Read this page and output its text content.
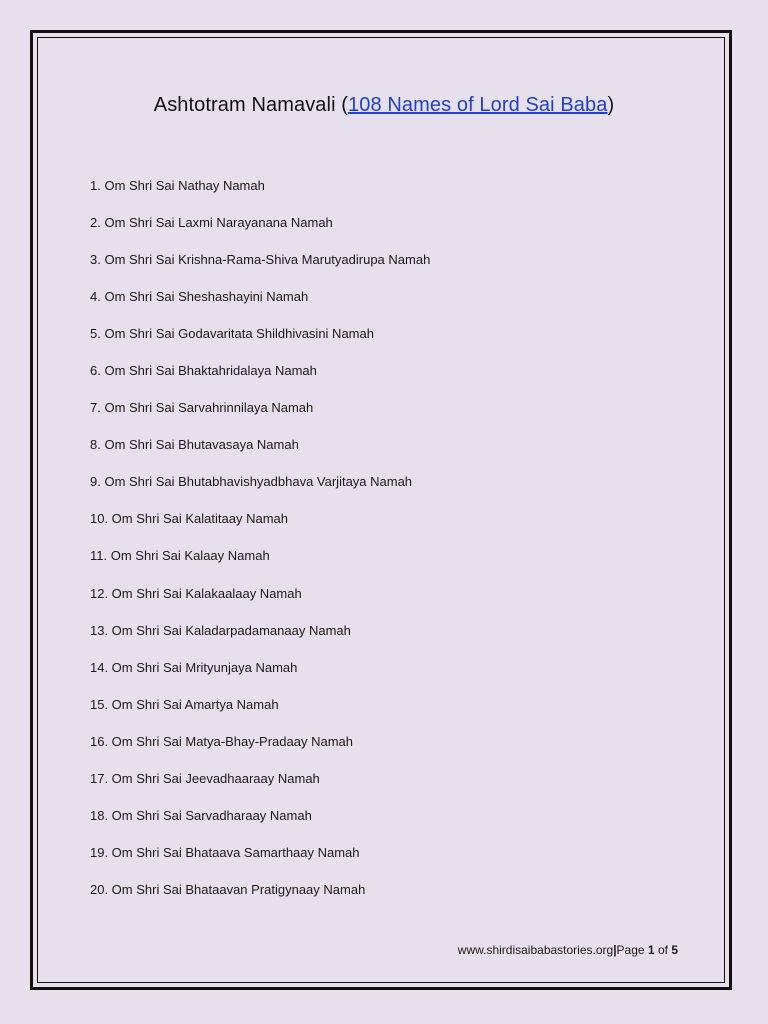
Ashtotram Namavali (108 Names of Lord Sai Baba)
1. Om Shri Sai Nathay Namah
2. Om Shri Sai Laxmi Narayanana Namah
3. Om Shri Sai Krishna-Rama-Shiva Marutyadirupa Namah
4. Om Shri Sai Sheshashayini Namah
5. Om Shri Sai Godavaritata Shildhivasini Namah
6. Om Shri Sai Bhaktahridalaya Namah
7. Om Shri Sai Sarvahrinnilaya Namah
8. Om Shri Sai Bhutavasaya Namah
9. Om Shri Sai Bhutabhavishyadbhava Varjitaya Namah
10. Om Shri Sai Kalatitaay Namah
11. Om Shri Sai Kalaay Namah
12. Om Shri Sai Kalakaalaay Namah
13. Om Shri Sai Kaladarpadamanaay Namah
14. Om Shri Sai Mrityunjaya Namah
15. Om Shri Sai Amartya Namah
16. Om Shri Sai Matya-Bhay-Pradaay Namah
17. Om Shri Sai Jeevadhaaraay Namah
18. Om Shri Sai Sarvadharaay Namah
19. Om Shri Sai Bhataava Samarthaay Namah
20. Om Shri Sai Bhataavan Pratigynaay Namah
www.shirdisaibabastories.org|Page 1 of 5
